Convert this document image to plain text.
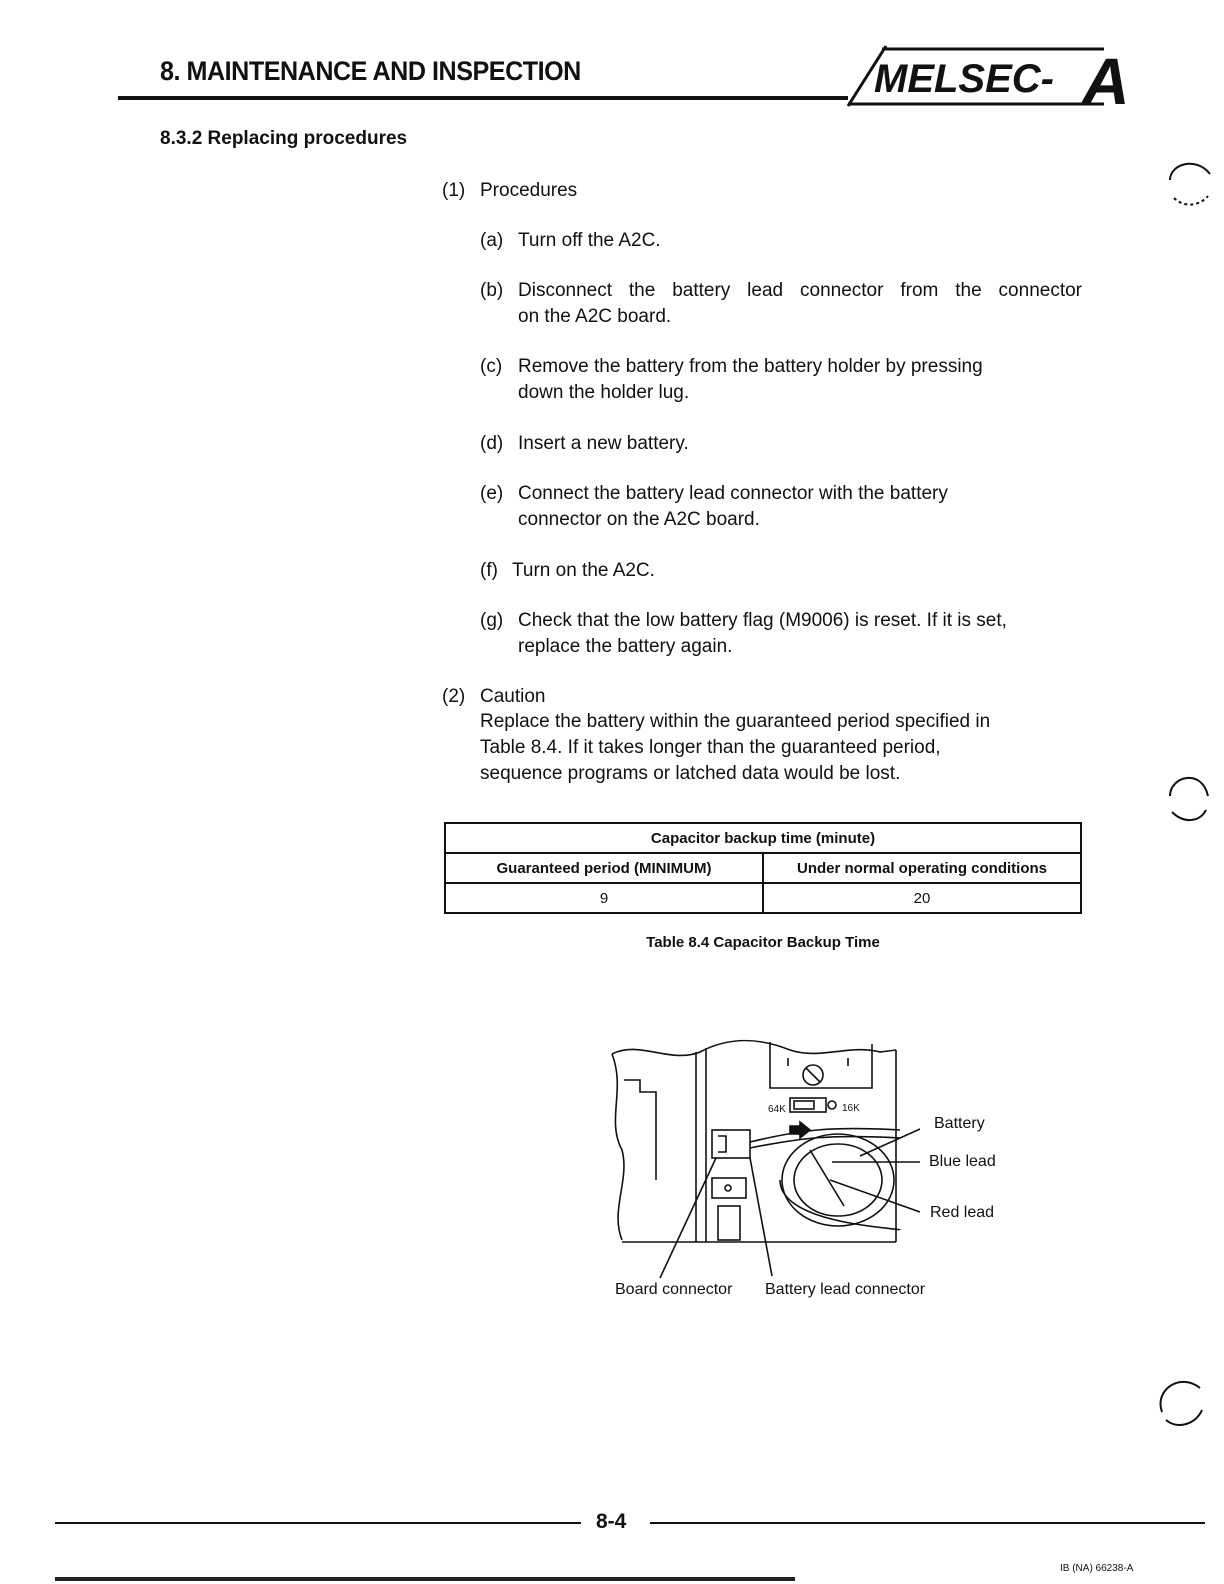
8. MAINTENANCE AND INSPECTION	MELSEC- A
8.3.2 Replacing procedures
(1) Procedures
(a) Turn off the A2C.
(b) Disconnect the battery lead connector from the connector
on the A2C board.
(c) Remove the battery from the battery holder by pressing
down the holder lug.
(d) Insert a new battery.
(e) Connect the battery lead connector with the battery
connector on the A2C board.
(f) Turn on the A2C.
(g) Check that the low battery flag (M9006) is reset. If it is set,
replace the battery again.
(2) Caution
Replace the battery within the guaranteed period specified in
Table 8.4. If it takes longer than the guaranteed period,
sequence programs or latched data would be lost.
Capacitor backup time (minute)	
Guaranteed period (MINIMUM)	Under normal operating conditions
9	20
Table 8.4 Capacitor Backup Time
64K	16K
Battery
Blue lead
Red lead
Board connector Battery lead connector
8-4
IB (NA) 66238-A
